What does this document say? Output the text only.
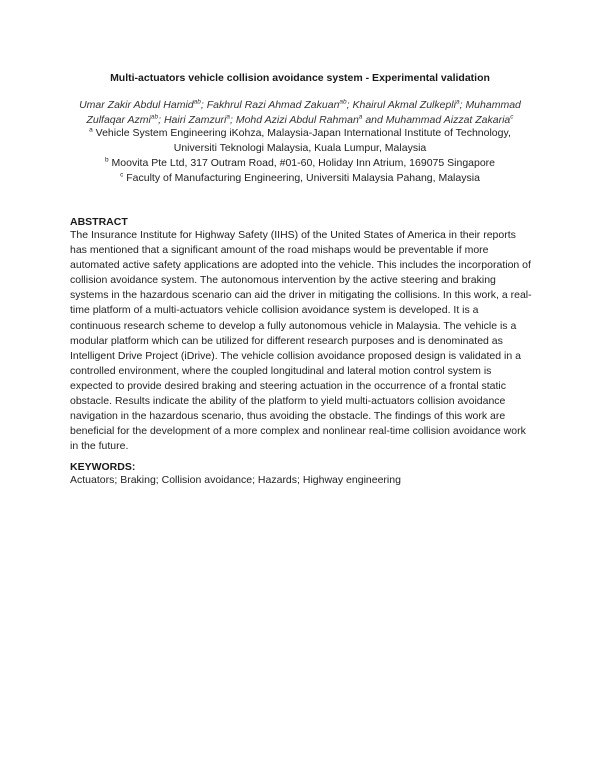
Multi-actuators vehicle collision avoidance system - Experimental validation
Umar Zakir Abdul Hamid$^{ab}$; Fakhrul Razi Ahmad Zakuan$^{ab}$; Khairul Akmal Zulkepli$^a$; Muhammad Zulfaqar Azmi$^{ab}$; Hairi Zamzuri$^a$; Mohd Azizi Abdul Rahman$^a$ and Muhammad Aizzat Zakaria$^c$
$^a$ Vehicle System Engineering iKohza, Malaysia-Japan International Institute of Technology,
Universiti Teknologi Malaysia, Kuala Lumpur, Malaysia
$^b$ Moovita Pte Ltd, 317 Outram Road, #01-60, Holiday Inn Atrium, 169075 Singapore
$^c$ Faculty of Manufacturing Engineering, Universiti Malaysia Pahang, Malaysia
ABSTRACT
The Insurance Institute for Highway Safety (IIHS) of the United States of America in their reports has mentioned that a significant amount of the road mishaps would be preventable if more automated active safety applications are adopted into the vehicle. This includes the incorporation of collision avoidance system. The autonomous intervention by the active steering and braking systems in the hazardous scenario can aid the driver in mitigating the collisions. In this work, a real-time platform of a multi-actuators vehicle collision avoidance system is developed. It is a continuous research scheme to develop a fully autonomous vehicle in Malaysia. The vehicle is a modular platform which can be utilized for different research purposes and is denominated as Intelligent Drive Project (iDrive). The vehicle collision avoidance proposed design is validated in a controlled environment, where the coupled longitudinal and lateral motion control system is expected to provide desired braking and steering actuation in the occurrence of a frontal static obstacle. Results indicate the ability of the platform to yield multi-actuators collision avoidance navigation in the hazardous scenario, thus avoiding the obstacle. The findings of this work are beneficial for the development of a more complex and nonlinear real-time collision avoidance work in the future.
KEYWORDS:
Actuators; Braking; Collision avoidance; Hazards; Highway engineering
